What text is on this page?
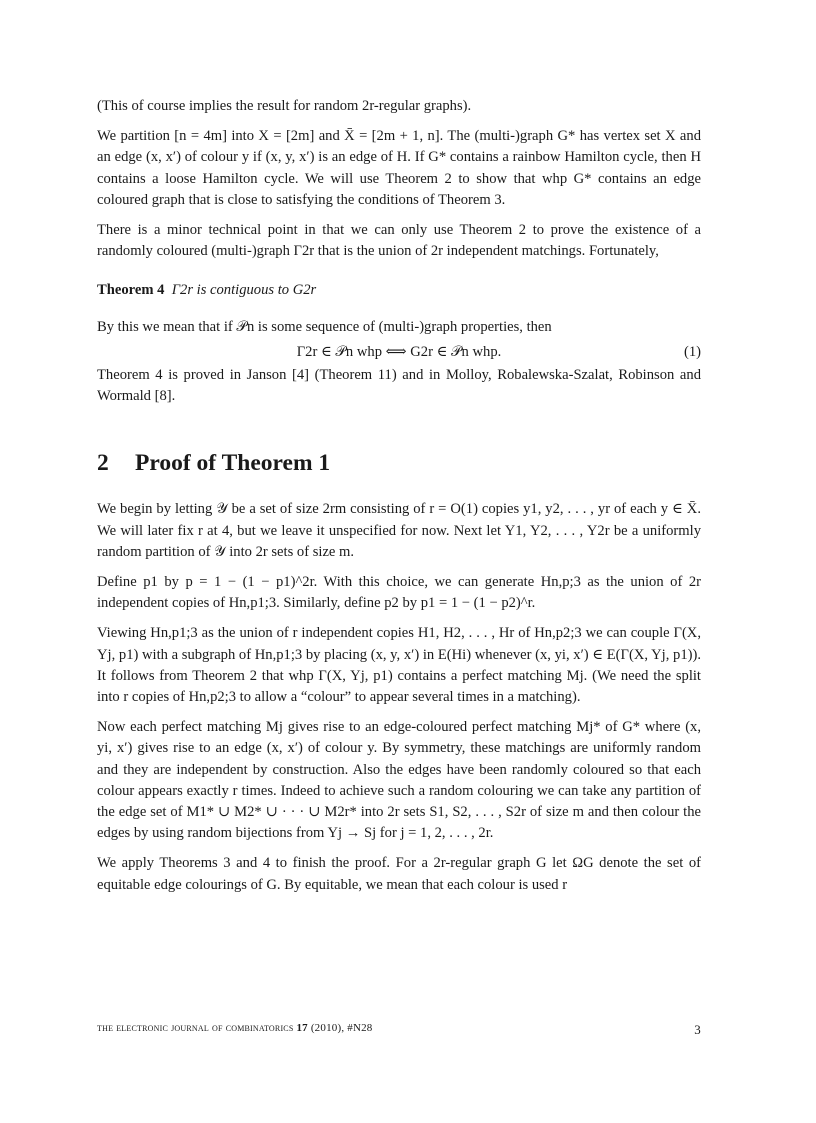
(This of course implies the result for random 2r-regular graphs).

We partition [n = 4m] into X = [2m] and X̄ = [2m + 1, n]. The (multi-)graph G* has vertex set X and an edge (x, x′) of colour y if (x, y, x′) is an edge of H. If G* contains a rainbow Hamilton cycle, then H contains a loose Hamilton cycle. We will use Theorem 2 to show that whp G* contains an edge coloured graph that is close to satisfying the conditions of Theorem 3.

There is a minor technical point in that we can only use Theorem 2 to prove the existence of a randomly coloured (multi-)graph Γ2r that is the union of 2r independent matchings. Fortunately,

Theorem 4 Γ2r is contiguous to G2r

By this we mean that if 𝒫n is some sequence of (multi-)graph properties, then

Γ2r ∈ 𝒫n whp ⟺ G2r ∈ 𝒫n whp.	(1)

Theorem 4 is proved in Janson [4] (Theorem 11) and in Molloy, Robalewska-Szalat, Robinson and Wormald [8].

2 Proof of Theorem 1

We begin by letting 𝒴 be a set of size 2rm consisting of r = O(1) copies y1, y2, . . . , yr of each y ∈ X̄. We will later fix r at 4, but we leave it unspecified for now. Next let Y1, Y2, . . . , Y2r be a uniformly random partition of 𝒴 into 2r sets of size m.

Define p1 by p = 1 − (1 − p1)^2r. With this choice, we can generate Hn,p;3 as the union of 2r independent copies of Hn,p1;3. Similarly, define p2 by p1 = 1 − (1 − p2)^r.

Viewing Hn,p1;3 as the union of r independent copies H1, H2, . . . , Hr of Hn,p2;3 we can couple Γ(X, Yj, p1) with a subgraph of Hn,p1;3 by placing (x, y, x′) in E(Hi) whenever (x, yi, x′) ∈ E(Γ(X, Yj, p1)). It follows from Theorem 2 that whp Γ(X, Yj, p1) contains a perfect matching Mj. (We need the split into r copies of Hn,p2;3 to allow a “colour” to appear several times in a matching).

Now each perfect matching Mj gives rise to an edge-coloured perfect matching Mj* of G* where (x, yi, x′) gives rise to an edge (x, x′) of colour y. By symmetry, these matchings are uniformly random and they are independent by construction. Also the edges have been randomly coloured so that each colour appears exactly r times. Indeed to achieve such a random colouring we can take any partition of the edge set of M1* ∪ M2* ∪ · · · ∪ M2r* into 2r sets S1, S2, . . . , S2r of size m and then colour the edges by using random bijections from Yj → Sj for j = 1, 2, . . . , 2r.

We apply Theorems 3 and 4 to finish the proof. For a 2r-regular graph G let ΩG denote the set of equitable edge colourings of G. By equitable, we mean that each colour is used r

the electronic journal of combinatorics 17 (2010), #N28	3
